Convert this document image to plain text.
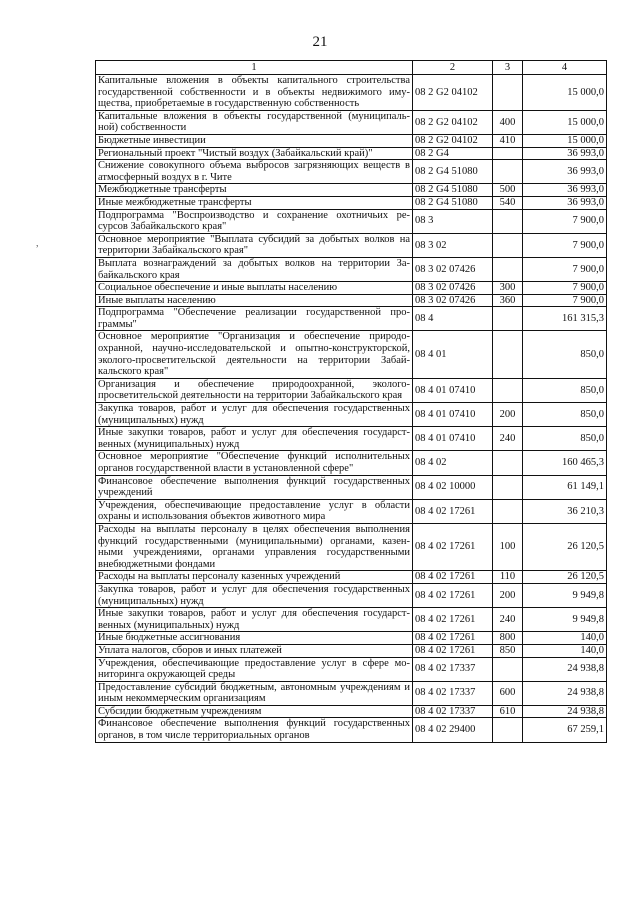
21
,
1	2	3	4
Капитальные вложения в объекты капитального строительства государственной собственности и в объекты недвижимого иму-щества, приобретаемые в государственную собственность	08 2 G2 04102		15 000,0
Капитальные вложения в объекты государственной (муниципаль-ной) собственности	08 2 G2 04102	400	15 000,0
Бюджетные инвестиции	08 2 G2 04102	410	15 000,0
Региональный проект "Чистый воздух (Забайкальский край)"	08 2 G4		36 993,0
Снижение совокупного объема выбросов загрязняющих веществ в атмосферный воздух в г. Чите	08 2 G4 51080		36 993,0
Межбюджетные трансферты	08 2 G4 51080	500	36 993,0
Иные межбюджетные трансферты	08 2 G4 51080	540	36 993,0
Подпрограмма "Воспроизводство и сохранение охотничьих ре-сурсов Забайкальского края"	08 3		7 900,0
Основное мероприятие "Выплата субсидий за добытых волков на территории Забайкальского края"	08 3 02		7 900,0
Выплата вознаграждений за добытых волков на территории За-байкальского края	08 3 02 07426		7 900,0
Социальное обеспечение и иные выплаты населению	08 3 02 07426	300	7 900,0
Иные выплаты населению	08 3 02 07426	360	7 900,0
Подпрограмма "Обеспечение реализации государственной про-граммы"	08 4		161 315,3
Основное мероприятие "Организация и обеспечение природо-охранной, научно-исследовательской и опытно-конструкторской, эколого-просветительской деятельности на территории Забай-кальского края"	08 4 01		850,0
Организация и обеспечение природоохранной, эколого-просветительской деятельности на территории Забайкальского края	08 4 01 07410		850,0
Закупка товаров, работ и услуг для обеспечения государственных (муниципальных) нужд	08 4 01 07410	200	850,0
Иные закупки товаров, работ и услуг для обеспечения государст-венных (муниципальных) нужд	08 4 01 07410	240	850,0
Основное мероприятие "Обеспечение функций исполнительных органов государственной власти в установленной сфере"	08 4 02		160 465,3
Финансовое обеспечение выполнения функций государственных учреждений	08 4 02 10000		61 149,1
Учреждения, обеспечивающие предоставление услуг в области охраны и использования объектов животного мира	08 4 02 17261		36 210,3
Расходы на выплаты персоналу в целях обеспечения выполнения функций государственными (муниципальными) органами, казен-ными учреждениями, органами управления государственными внебюджетными фондами	08 4 02 17261	100	26 120,5
Расходы на выплаты персоналу казенных учреждений	08 4 02 17261	110	26 120,5
Закупка товаров, работ и услуг для обеспечения государственных (муниципальных) нужд	08 4 02 17261	200	9 949,8
Иные закупки товаров, работ и услуг для обеспечения государст-венных (муниципальных) нужд	08 4 02 17261	240	9 949,8
Иные бюджетные ассигнования	08 4 02 17261	800	140,0
Уплата налогов, сборов и иных платежей	08 4 02 17261	850	140,0
Учреждения, обеспечивающие предоставление услуг в сфере мо-ниторинга окружающей среды	08 4 02 17337		24 938,8
Предоставление субсидий бюджетным, автономным учреждениям и иным некоммерческим организациям	08 4 02 17337	600	24 938,8
Субсидии бюджетным учреждениям	08 4 02 17337	610	24 938,8
Финансовое обеспечение выполнения функций государственных органов, в том числе территориальных органов	08 4 02 29400		67 259,1
